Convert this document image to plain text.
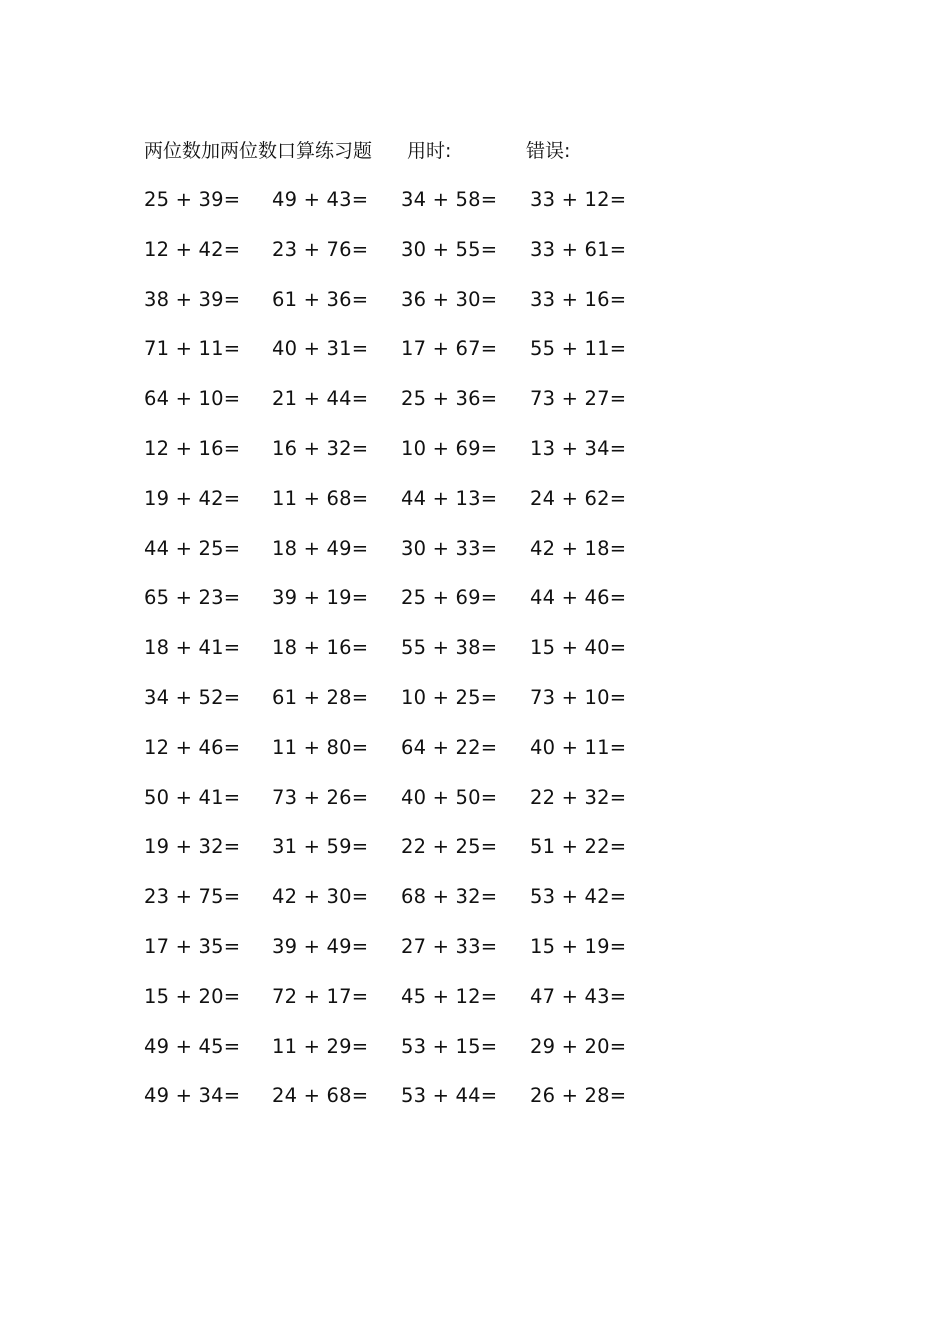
两位数加两位数口算练习题 用时:	错误:
25 + 39= 49 + 43= 34 + 58= 33 + 12=
12 + 42= 23 + 76= 30 + 55= 33 + 61=
38 + 39= 61 + 36= 36 + 30= 33 + 16=
71 + 11= 40 + 31= 17 + 67= 55 + 11=
64 + 10= 21 + 44= 25 + 36= 73 + 27=
12 + 16= 16 + 32= 10 + 69= 13 + 34=
19 + 42= 11 + 68= 44 + 13= 24 + 62=
44 + 25= 18 + 49= 30 + 33= 42 + 18=
65 + 23= 39 + 19= 25 + 69= 44 + 46=
18 + 41= 18 + 16= 55 + 38= 15 + 40=
34 + 52= 61 + 28= 10 + 25= 73 + 10=
12 + 46= 11 + 80= 64 + 22= 40 + 11=
50 + 41= 73 + 26= 40 + 50= 22 + 32=
19 + 32= 31 + 59= 22 + 25= 51 + 22=
23 + 75= 42 + 30= 68 + 32= 53 + 42=
17 + 35= 39 + 49= 27 + 33= 15 + 19=
15 + 20= 72 + 17= 45 + 12= 47 + 43=
49 + 45= 11 + 29= 53 + 15= 29 + 20=
49 + 34= 24 + 68= 53 + 44= 26 + 28=
